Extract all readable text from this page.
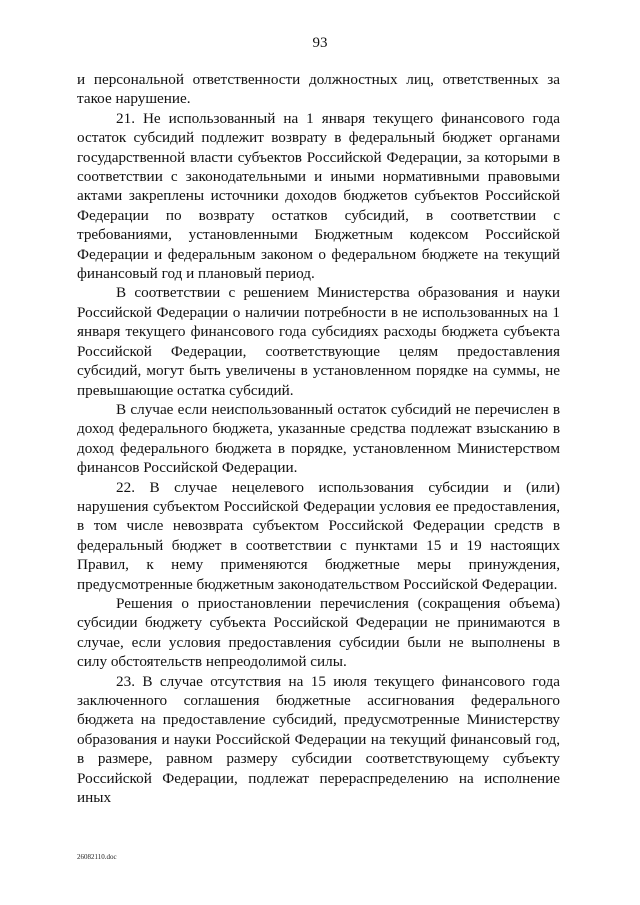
93

и персональной ответственности должностных лиц, ответственных за такое нарушение.

21. Не использованный на 1 января текущего финансового года остаток субсидий подлежит возврату в федеральный бюджет органами государственной власти субъектов Российской Федерации, за которыми в соответствии с законодательными и иными нормативными правовыми актами закреплены источники доходов бюджетов субъектов Российской Федерации по возврату остатков субсидий, в соответствии с требованиями, установленными Бюджетным кодексом Российской Федерации и федеральным законом о федеральном бюджете на текущий финансовый год и плановый период.

В соответствии с решением Министерства образования и науки Российской Федерации о наличии потребности в не использованных на 1 января текущего финансового года субсидиях расходы бюджета субъекта Российской Федерации, соответствующие целям предоставления субсидий, могут быть увеличены в установленном порядке на суммы, не превышающие остатка субсидий.

В случае если неиспользованный остаток субсидий не перечислен в доход федерального бюджета, указанные средства подлежат взысканию в доход федерального бюджета в порядке, установленном Министерством финансов Российской Федерации.

22. В случае нецелевого использования субсидии и (или) нарушения субъектом Российской Федерации условия ее предоставления, в том числе невозврата субъектом Российской Федерации средств в федеральный бюджет в соответствии с пунктами 15 и 19 настоящих Правил, к нему применяются бюджетные меры принуждения, предусмотренные бюджетным законодательством Российской Федерации.

Решения о приостановлении перечисления (сокращения объема) субсидии бюджету субъекта Российской Федерации не принимаются в случае, если условия предоставления субсидии были не выполнены в силу обстоятельств непреодолимой силы.

23. В случае отсутствия на 15 июля текущего финансового года заключенного соглашения бюджетные ассигнования федерального бюджета на предоставление субсидий, предусмотренные Министерству образования и науки Российской Федерации на текущий финансовый год, в размере, равном размеру субсидии соответствующему субъекту Российской Федерации, подлежат перераспределению на исполнение иных

26082110.doc
